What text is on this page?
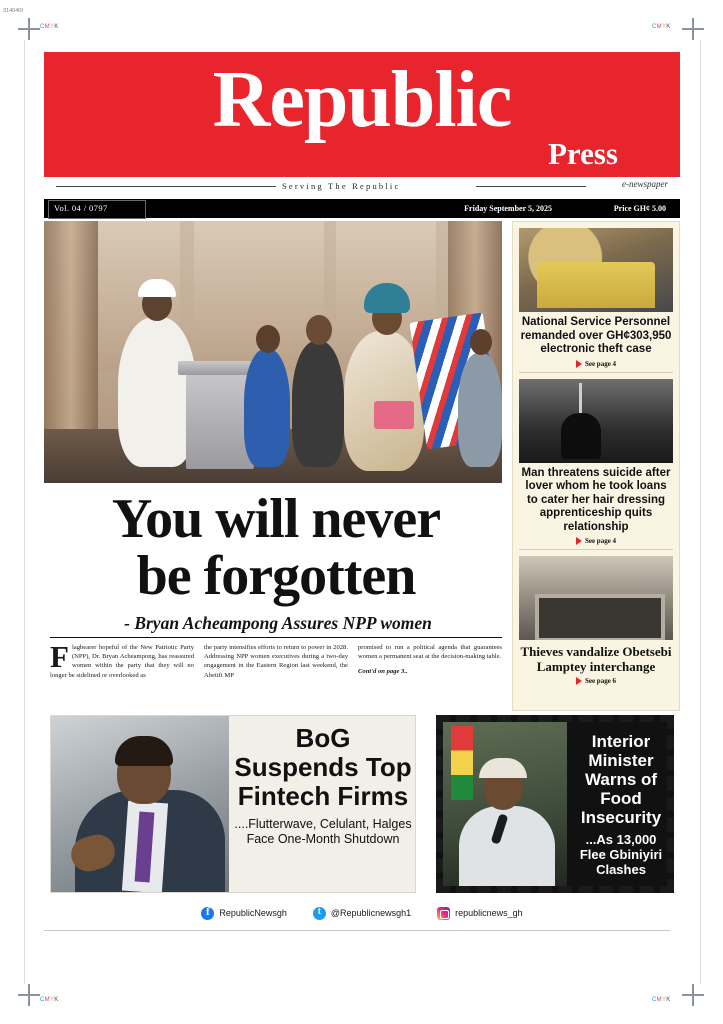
314040f
CMYK	CMYK
CMYK	CMYK
Republic
Press
Serving The Republic	e-newspaper
Vol. 04 / 0797	Friday September 5, 2025	Price GH¢ 5.00
You will never
be forgotten
- Bryan Acheampong Assures NPP women
F lagbearer hopeful of the New Patriotic Party (NPP), Dr. Bryan Acheampong, has reassured women within the party that they will no longer be sidelined or overlooked as
the party intensifies efforts to return to power in 2028. Addressing NPP women executives during a two-day engagement in the Eastern Region last weekend, the Abetifi MP
promised to run a political agenda that guarantees women a permanent seat at the decision-making table.
Cont'd on page 3..
National Service Personnel remanded over GH¢303,950 electronic theft case
See page 4
Man threatens suicide after lover whom he took loans to cater her hair dressing apprenticeship quits relationship
See page 4
Thieves vandalize Obetsebi Lamptey interchange
See page 6
BoG Suspends Top Fintech Firms
....Flutterwave, Celulant, Halges Face One-Month Shutdown
Interior Minister Warns of Food Insecurity
...As 13,000 Flee Gbiniyiri Clashes
f
RepublicNewsgh t	@Republicnewsgh1	republicnews_gh
